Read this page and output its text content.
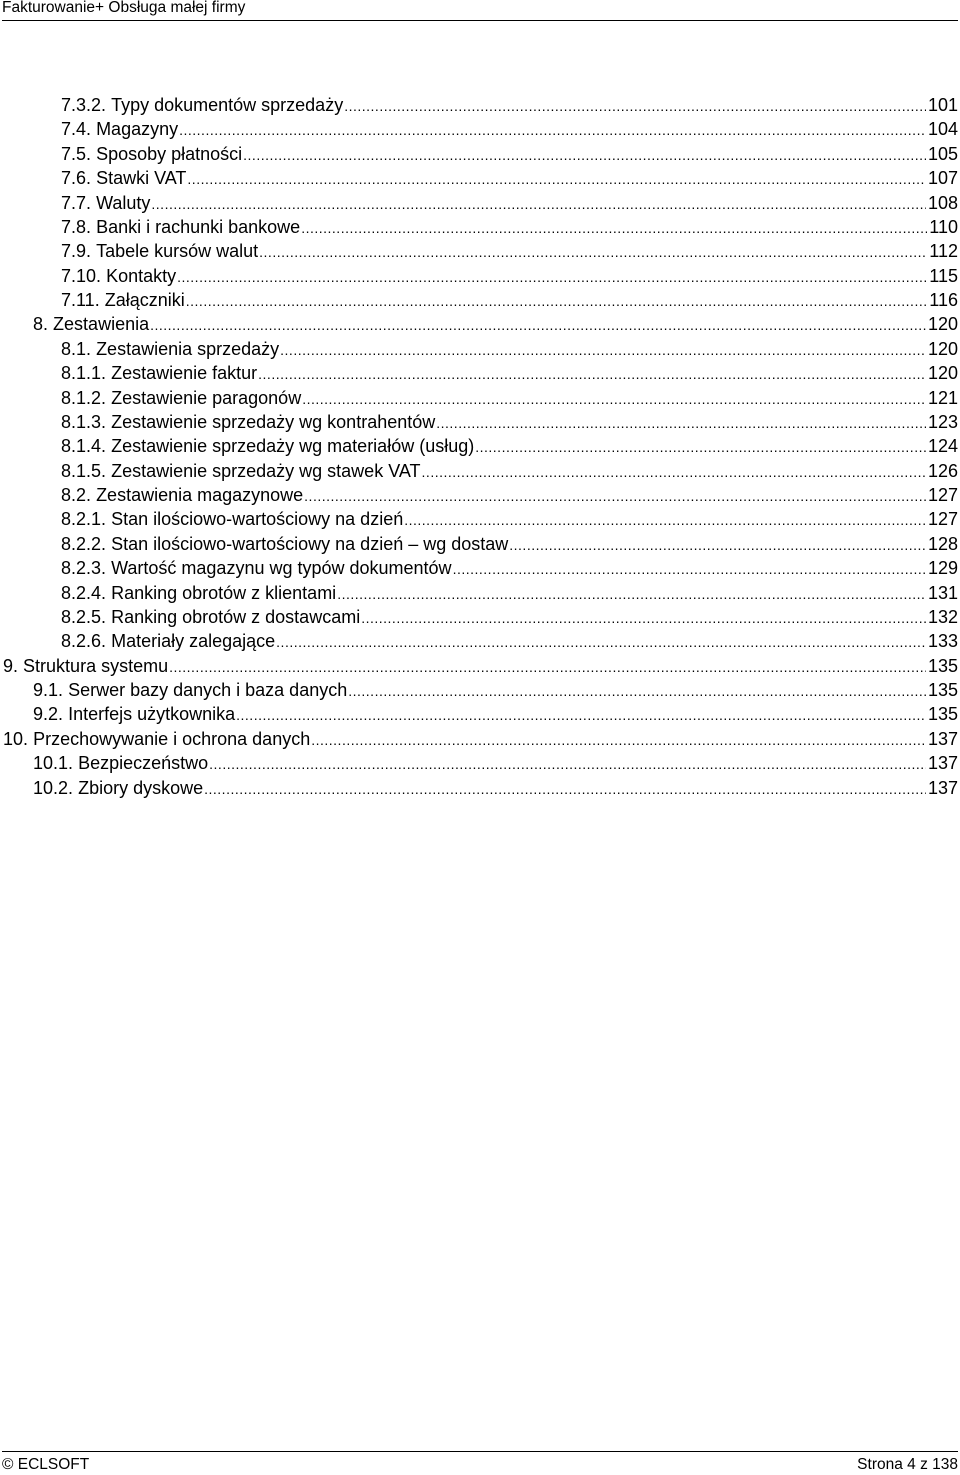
Fakturowanie+ Obsługa małej firmy
7.3.2. Typy dokumentów sprzedaży .....	101
7.4. Magazyny .....	104
7.5. Sposoby płatności .....	105
7.6. Stawki VAT .....	107
7.7. Waluty .....	108
7.8. Banki i rachunki bankowe .....	110
7.9. Tabele kursów walut .....	112
7.10. Kontakty .....	115
7.11. Załączniki .....	116
8. Zestawienia .....	120
8.1. Zestawienia sprzedaży .....	120
8.1.1. Zestawienie faktur .....	120
8.1.2. Zestawienie paragonów .....	121
8.1.3. Zestawienie sprzedaży wg kontrahentów .....	123
8.1.4. Zestawienie sprzedaży wg materiałów (usług) .....	124
8.1.5. Zestawienie sprzedaży wg stawek VAT .....	126
8.2. Zestawienia magazynowe .....	127
8.2.1. Stan ilościowo-wartościowy na dzień .....	127
8.2.2. Stan ilościowo-wartościowy na dzień – wg dostaw .....	128
8.2.3. Wartość magazynu wg typów dokumentów .....	129
8.2.4. Ranking obrotów z klientami .....	131
8.2.5. Ranking obrotów z dostawcami .....	132
8.2.6. Materiały zalegające .....	133
9. Struktura systemu .....	135
9.1. Serwer bazy danych i baza danych .....	135
9.2. Interfejs użytkownika .....	135
10. Przechowywanie i ochrona danych .....	137
10.1. Bezpieczeństwo .....	137
10.2. Zbiory dyskowe .....	137
© ECLSOFT	Strona 4 z 138
